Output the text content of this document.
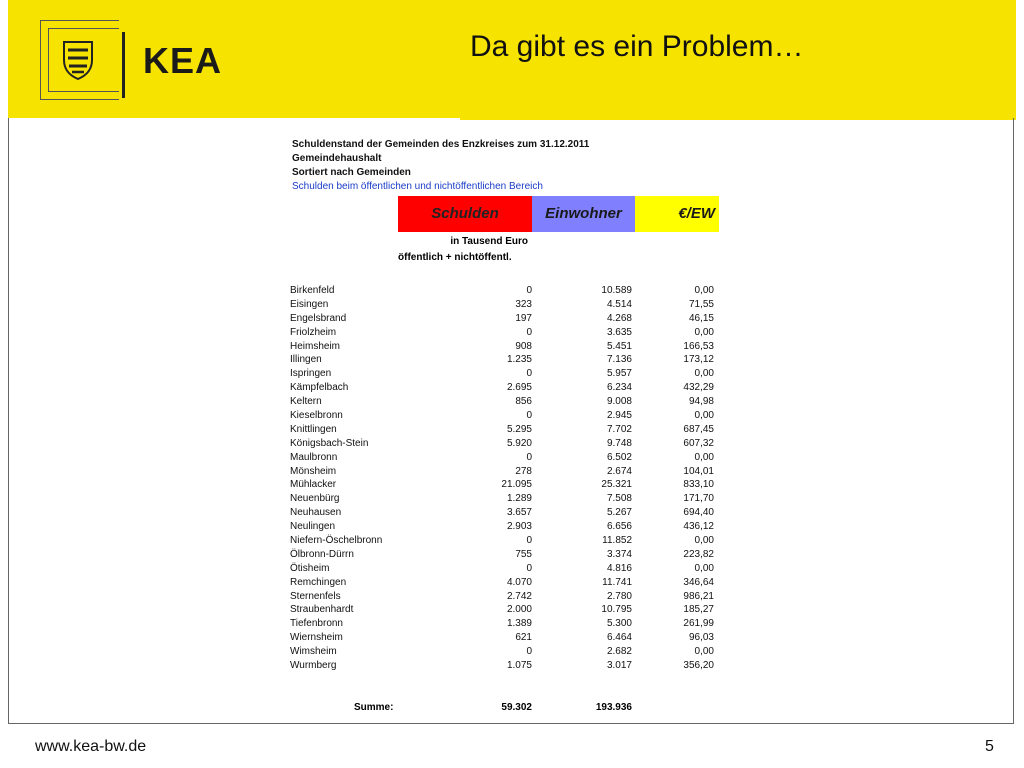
KEA	Da gibt es ein Problem…
Schuldenstand der Gemeinden des Enzkreises zum 31.12.2011
Gemeindehaushalt
Sortiert nach Gemeinden
Schulden beim öffentlichen und nichtöffentlichen Bereich
Schulden	Einwohner	€/EW
in Tausend Euro
öffentlich + nichtöffentl.
Birkenfeld	0	10.589	0,00
Eisingen	323	4.514	71,55
Engelsbrand	197	4.268	46,15
Friolzheim	0	3.635	0,00
Heimsheim	908	5.451	166,53
Illingen	1.235	7.136	173,12
Ispringen	0	5.957	0,00
Kämpfelbach	2.695	6.234	432,29
Keltern	856	9.008	94,98
Kieselbronn	0	2.945	0,00
Knittlingen	5.295	7.702	687,45
Königsbach-Stein	5.920	9.748	607,32
Maulbronn	0	6.502	0,00
Mönsheim	278	2.674	104,01
Mühlacker	21.095	25.321	833,10
Neuenbürg	1.289	7.508	171,70
Neuhausen	3.657	5.267	694,40
Neulingen	2.903	6.656	436,12
Niefern-Öschelbronn	0	11.852	0,00
Ölbronn-Dürrn	755	3.374	223,82
Ötisheim	0	4.816	0,00
Remchingen	4.070	11.741	346,64
Sternenfels	2.742	2.780	986,21
Straubenhardt	2.000	10.795	185,27
Tiefenbronn	1.389	5.300	261,99
Wiernsheim	621	6.464	96,03
Wimsheim	0	2.682	0,00
Wurmberg	1.075	3.017	356,20
Summe:	59.302	193.936
www.kea-bw.de	5
